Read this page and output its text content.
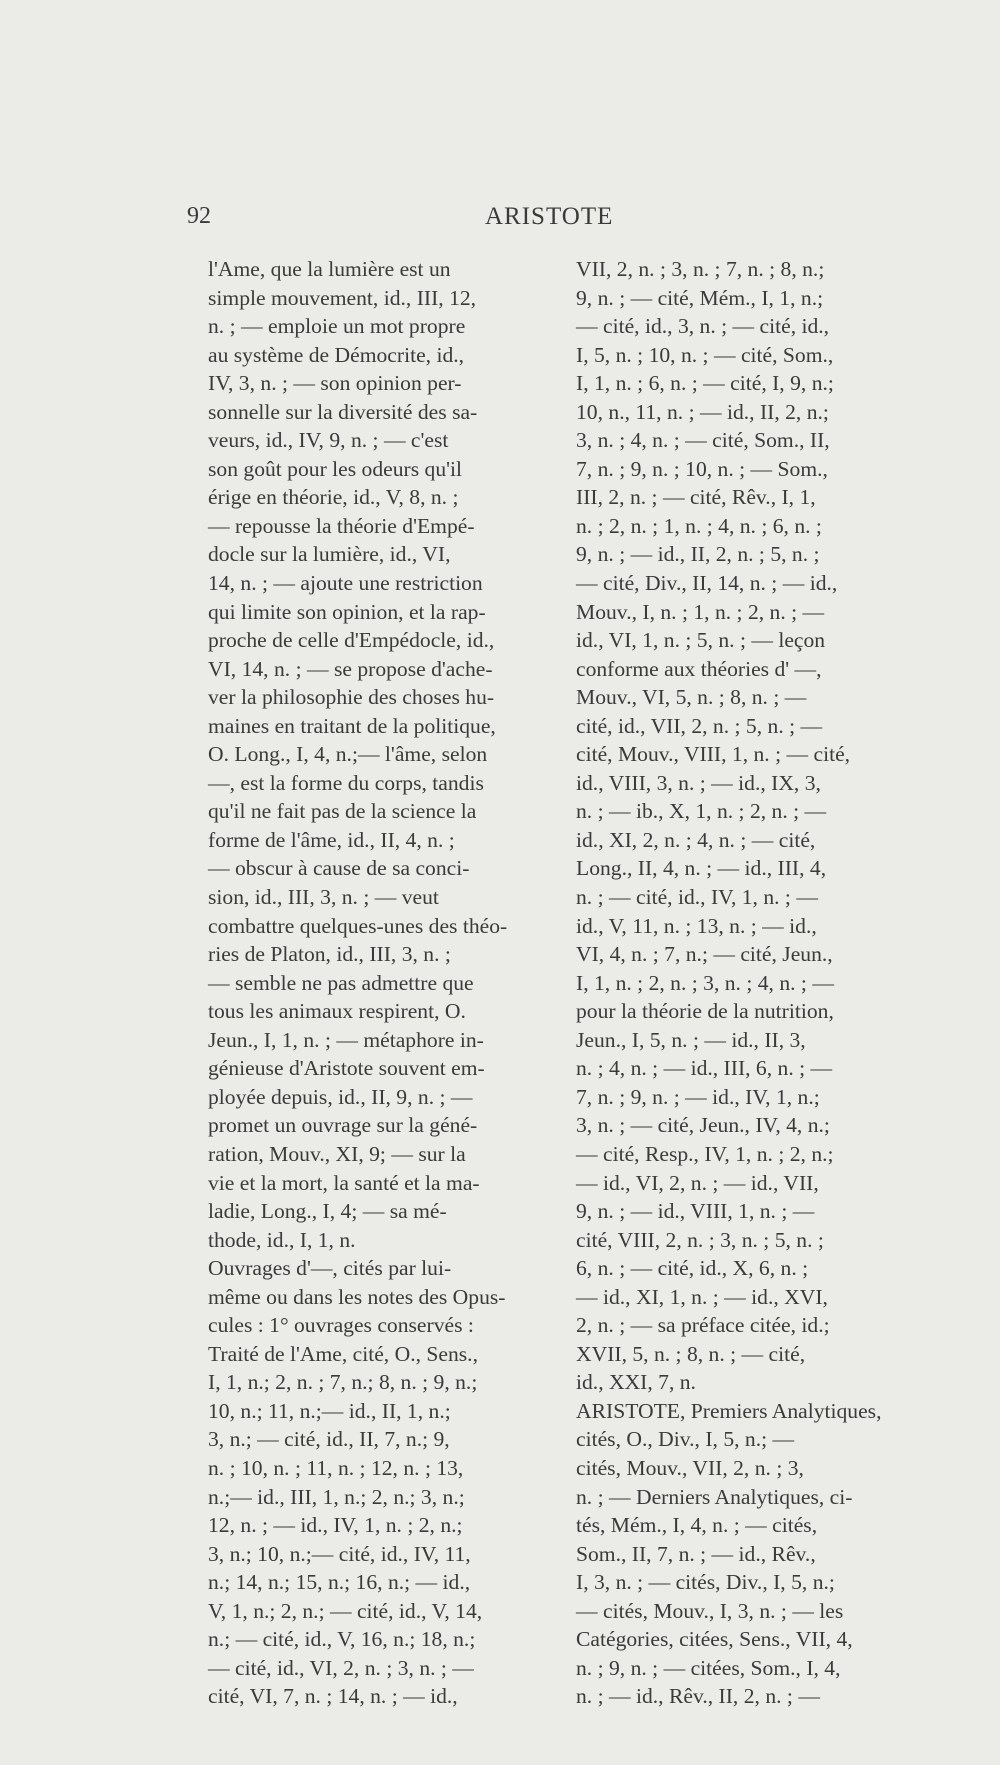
92	ARISTOTE
l'Ame, que la lumière est un
simple mouvement, id., III, 12,
n. ; — emploie un mot propre
au système de Démocrite, id.,
IV, 3, n. ; — son opinion per-
sonnelle sur la diversité des sa-
veurs, id., IV, 9, n. ; — c'est
son goût pour les odeurs qu'il
érige en théorie, id., V, 8, n. ;
— repousse la théorie d'Empé-
docle sur la lumière, id., VI,
14, n. ; — ajoute une restriction
qui limite son opinion, et la rap-
proche de celle d'Empédocle, id.,
VI, 14, n. ; — se propose d'ache-
ver la philosophie des choses hu-
maines en traitant de la politique,
O. Long., I, 4, n.;— l'âme, selon
—, est la forme du corps, tandis
qu'il ne fait pas de la science la
forme de l'âme, id., II, 4, n. ;
— obscur à cause de sa conci-
sion, id., III, 3, n. ; — veut
combattre quelques-unes des théo-
ries de Platon, id., III, 3, n. ;
— semble ne pas admettre que
tous les animaux respirent, O.
Jeun., I, 1, n. ; — métaphore in-
génieuse d'Aristote souvent em-
ployée depuis, id., II, 9, n. ; —
promet un ouvrage sur la géné-
ration, Mouv., XI, 9; — sur la
vie et la mort, la santé et la ma-
ladie, Long., I, 4; — sa mé-
thode, id., I, 1, n.
Ouvrages d'—, cités par lui-
même ou dans les notes des Opus-
cules : 1° ouvrages conservés :
Traité de l'Ame, cité, O., Sens.,
I, 1, n.; 2, n. ; 7, n.; 8, n. ; 9, n.;
10, n.; 11, n.;— id., II, 1, n.;
3, n.; — cité, id., II, 7, n.; 9,
n. ; 10, n. ; 11, n. ; 12, n. ; 13,
n.;— id., III, 1, n.; 2, n.; 3, n.;
12, n. ; — id., IV, 1, n. ; 2, n.;
3, n.; 10, n.;— cité, id., IV, 11,
n.; 14, n.; 15, n.; 16, n.; — id.,
V, 1, n.; 2, n.; — cité, id., V, 14,
n.; — cité, id., V, 16, n.; 18, n.;
— cité, id., VI, 2, n. ; 3, n. ; —
cité, VI, 7, n. ; 14, n. ; — id.,
VII, 2, n. ; 3, n. ; 7, n. ; 8, n.;
9, n. ; — cité, Mém., I, 1, n.;
— cité, id., 3, n. ; — cité, id.,
I, 5, n. ; 10, n. ; — cité, Som.,
I, 1, n. ; 6, n. ; — cité, I, 9, n.;
10, n., 11, n. ; — id., II, 2, n.;
3, n. ; 4, n. ; — cité, Som., II,
7, n. ; 9, n. ; 10, n. ; — Som.,
III, 2, n. ; — cité, Rêv., I, 1,
n. ; 2, n. ; 1, n. ; 4, n. ; 6, n. ;
9, n. ; — id., II, 2, n. ; 5, n. ;
— cité, Div., II, 14, n. ; — id.,
Mouv., I, n. ; 1, n. ; 2, n. ; —
id., VI, 1, n. ; 5, n. ; — leçon
conforme aux théories d' —,
Mouv., VI, 5, n. ; 8, n. ; —
cité, id., VII, 2, n. ; 5, n. ; —
cité, Mouv., VIII, 1, n. ; — cité,
id., VIII, 3, n. ; — id., IX, 3,
n. ; — ib., X, 1, n. ; 2, n. ; —
id., XI, 2, n. ; 4, n. ; — cité,
Long., II, 4, n. ; — id., III, 4,
n. ; — cité, id., IV, 1, n. ; —
id., V, 11, n. ; 13, n. ; — id.,
VI, 4, n. ; 7, n.; — cité, Jeun.,
I, 1, n. ; 2, n. ; 3, n. ; 4, n. ; —
pour la théorie de la nutrition,
Jeun., I, 5, n. ; — id., II, 3,
n. ; 4, n. ; — id., III, 6, n. ; —
7, n. ; 9, n. ; — id., IV, 1, n.;
3, n. ; — cité, Jeun., IV, 4, n.;
— cité, Resp., IV, 1, n. ; 2, n.;
— id., VI, 2, n. ; — id., VII,
9, n. ; — id., VIII, 1, n. ; —
cité, VIII, 2, n. ; 3, n. ; 5, n. ;
6, n. ; — cité, id., X, 6, n. ;
— id., XI, 1, n. ; — id., XVI,
2, n. ; — sa préface citée, id.;
XVII, 5, n. ; 8, n. ; — cité,
id., XXI, 7, n.
ARISTOTE, Premiers Analytiques,
cités, O., Div., I, 5, n.; —
cités, Mouv., VII, 2, n. ; 3,
n. ; — Derniers Analytiques, ci-
tés, Mém., I, 4, n. ; — cités,
Som., II, 7, n. ; — id., Rêv.,
I, 3, n. ; — cités, Div., I, 5, n.;
— cités, Mouv., I, 3, n. ; — les
Catégories, citées, Sens., VII, 4,
n. ; 9, n. ; — citées, Som., I, 4,
n. ; — id., Rêv., II, 2, n. ; —
